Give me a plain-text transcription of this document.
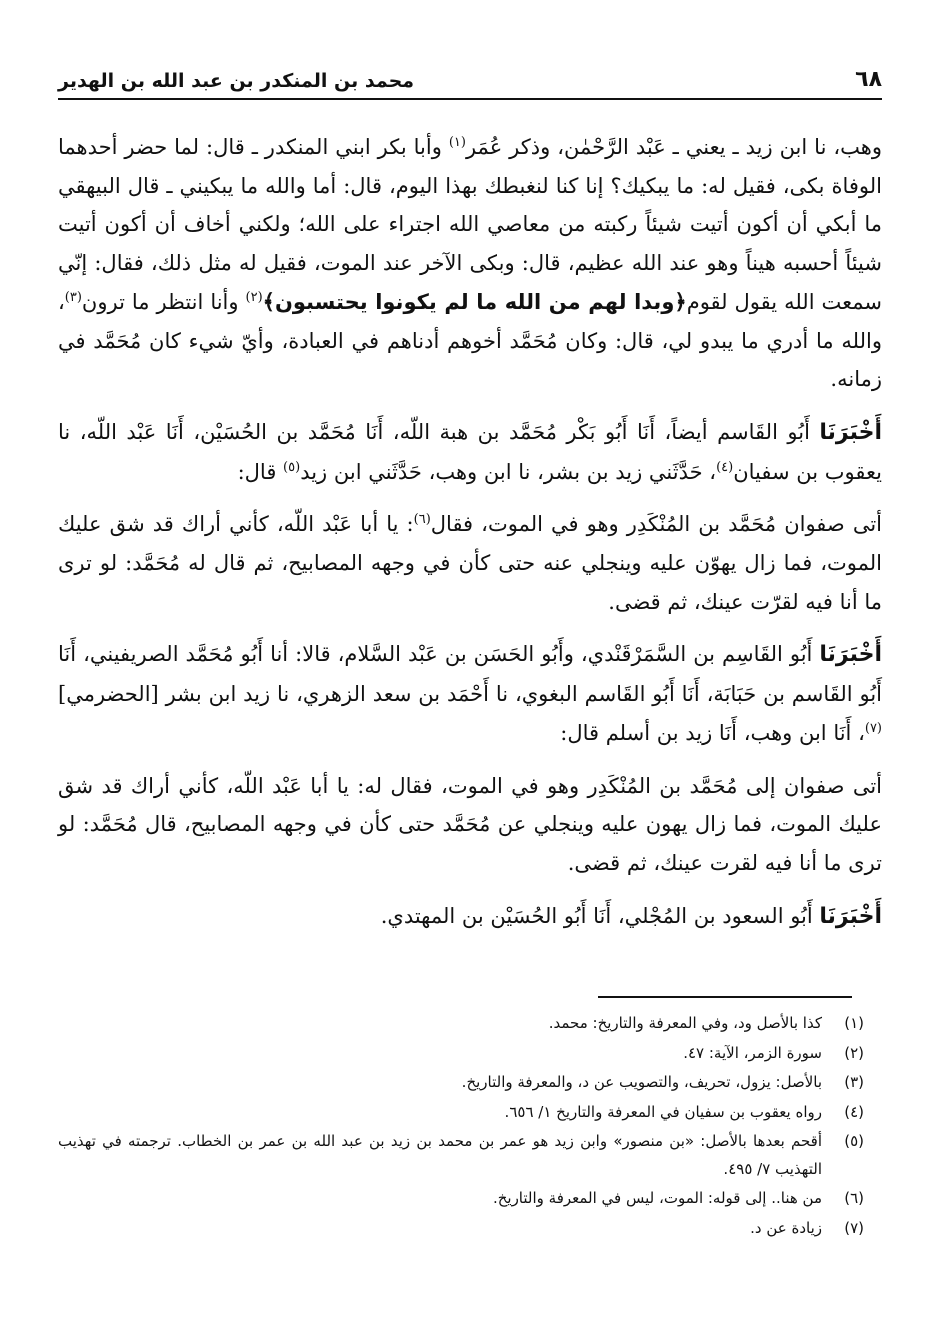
٦٨
محمد بن المنكدر بن عبد الله بن الهدير

وهب، نا ابن زيد ـ يعني ـ عَبْد الرَّحْمٰن، وذكر عُمَر$^{(١)}$ وأبا بكر ابني المنكدر ـ قال: لما حضر أحدهما الوفاة بكى، فقيل له: ما يبكيك؟ إنا كنا لنغبطك بهذا اليوم، قال: أما والله ما يبكيني ـ قال البيهقي ما أبكي أن أكون أتيت شيئاً ركبته من معاصي الله اجتراء على الله؛ ولكني أخاف أن أكون أتيت شيئاً أحسبه هيناً وهو عند الله عظيم، قال: وبكى الآخر عند الموت، فقيل له مثل ذلك، فقال: إنّي سمعت الله يقول لقوم﴿وبدا لهم من الله ما لم يكونوا يحتسبون﴾$^{(٢)}$ وأنا انتظر ما ترون$^{(٣)}$، والله ما أدري ما يبدو لي، قال: وكان مُحَمَّد أخوهم أدناهم في العبادة، وأيّ شيء كان مُحَمَّد في زمانه.

أَخْبَرَنَا أَبُو القَاسم أيضاً، أَنَا أَبُو بَكْر مُحَمَّد بن هبة اللّه، أَنَا مُحَمَّد بن الحُسَيْن، أَنَا عَبْد اللّه، نا يعقوب بن سفيان$^{(٤)}$، حَدَّثَني زيد بن بشر، نا ابن وهب، حَدَّثَني ابن زيد$^{(٥)}$ قال:

أتى صفوان مُحَمَّد بن المُنْكَدِر وهو في الموت، فقال$^{(٦)}$: يا أبا عَبْد اللّه، كأني أراك قد شق عليك الموت، فما زال يهوّن عليه وينجلي عنه حتى كأن في وجهه المصابيح، ثم قال له مُحَمَّد: لو ترى ما أنا فيه لقرّت عينك، ثم قضى.

أَخْبَرَنَا أَبُو القَاسِم بن السَّمَرْقَنْدي، وأَبُو الحَسَن بن عَبْد السَّلام، قالا: أنا أَبُو مُحَمَّد الصريفيني، أَنَا أَبُو القَاسم بن حَبَابَة، أَنَا أَبُو القَاسم البغوي، نا أَحْمَد بن سعد الزهري، نا زيد ابن بشر [الحضرمي]$^{(٧)}$، أَنَا ابن وهب، أَنَا زيد بن أسلم قال:

أتى صفوان إلى مُحَمَّد بن المُنْكَدِر وهو في الموت، فقال له: يا أبا عَبْد اللّه، كأني أراك قد شق عليك الموت، فما زال يهون عليه وينجلي عن مُحَمَّد حتى كأن في وجهه المصابيح، قال مُحَمَّد: لو ترى ما أنا فيه لقرت عينك، ثم قضى.

أَخْبَرَنَا أَبُو السعود بن المُجْلي، أَنَا أَبُو الحُسَيْن بن المهتدي.

(١)
كذا بالأصل ود، وفي المعرفة والتاريخ: محمد.
(٢)
سورة الزمر، الآية: ٤٧.
(٣)
بالأصل: يزول، تحريف، والتصويب عن د، والمعرفة والتاريخ.
(٤)
رواه يعقوب بن سفيان في المعرفة والتاريخ ١/ ٦٥٦.
(٥)
أقحم بعدها بالأصل: «بن منصور» وابن زيد هو عمر بن محمد بن زيد بن عبد الله بن عمر بن الخطاب. ترجمته في تهذيب التهذيب ٧/ ٤٩٥.
(٦)
من هنا.. إلى قوله: الموت، ليس في المعرفة والتاريخ.
(٧)
زيادة عن د.
